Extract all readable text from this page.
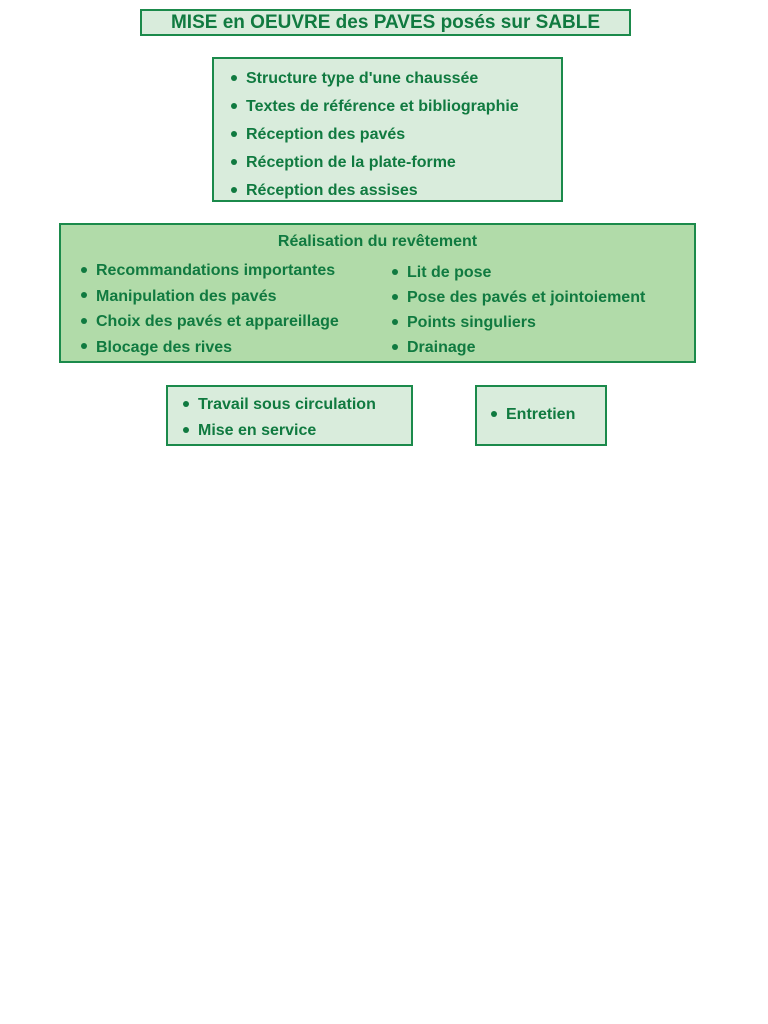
MISE en OEUVRE des PAVES posés sur SABLE
Structure type d'une chaussée
Textes de référence et bibliographie
Réception des pavés
Réception de la plate-forme
Réception des assises
Réalisation du revêtement
Recommandations importantes
Manipulation des pavés
Choix des pavés et appareillage
Blocage des rives
Lit de pose
Pose des pavés et jointoiement
Points singuliers
Drainage
Travail sous circulation
Mise en service
Entretien
